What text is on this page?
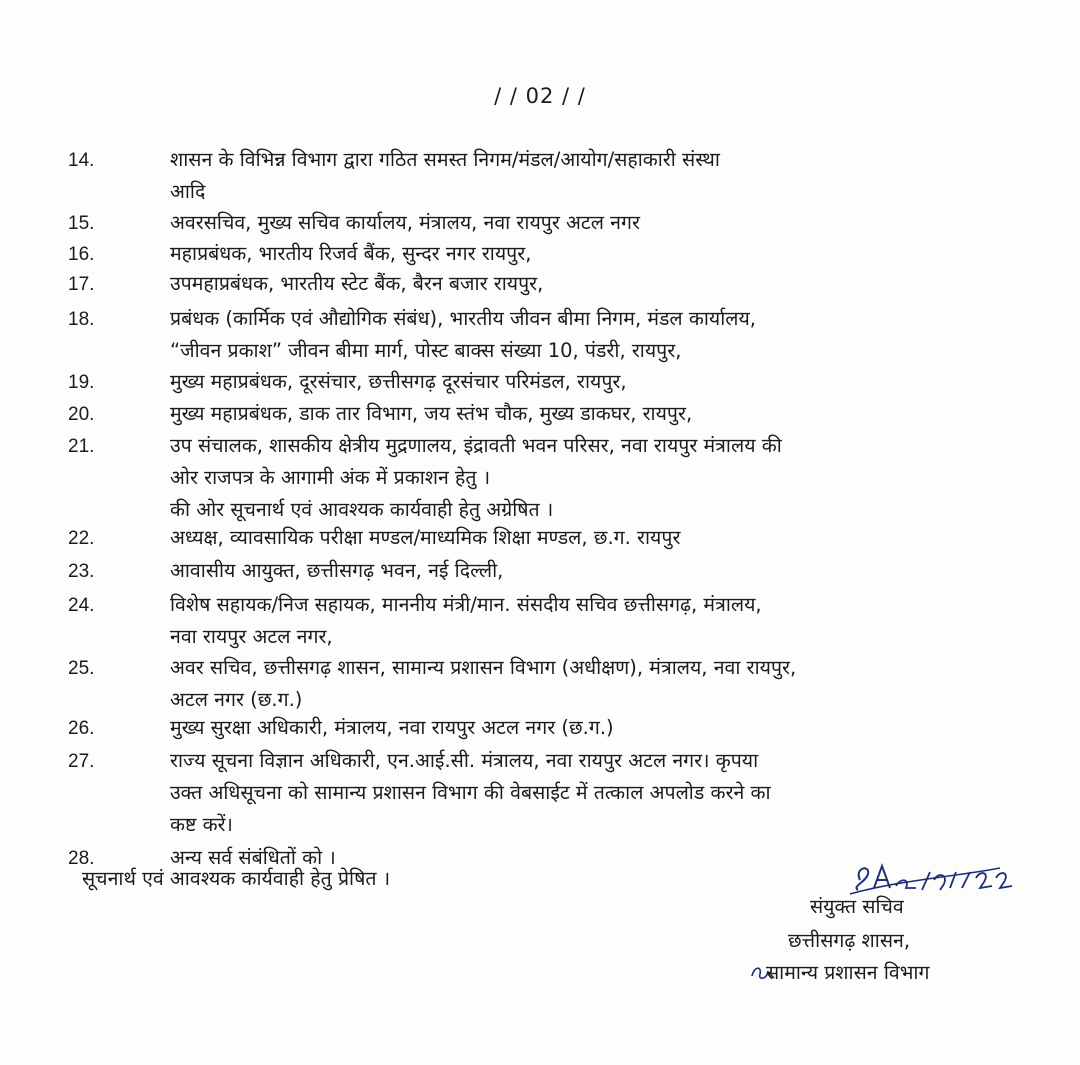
/ / 02 / /
14.	शासन के विभिन्न विभाग द्वारा गठित समस्त निगम/मंडल/आयोग/सहाकारी संस्था
आदि
15.	अवरसचिव, मुख्य सचिव कार्यालय, मंत्रालय, नवा रायपुर अटल नगर
16.	महाप्रबंधक, भारतीय रिजर्व बैंक, सुन्दर नगर रायपुर,
17.	उपमहाप्रबंधक, भारतीय स्टेट बैंक, बैरन बजार रायपुर,
18.	प्रबंधक (कार्मिक एवं औद्योगिक संबंध), भारतीय जीवन बीमा निगम, मंडल कार्यालय,
“जीवन प्रकाश” जीवन बीमा मार्ग, पोस्ट बाक्स संख्या 10, पंडरी, रायपुर,
19.	मुख्य महाप्रबंधक, दूरसंचार, छत्तीसगढ़ दूरसंचार परिमंडल, रायपुर,
20.	मुख्य महाप्रबंधक, डाक तार विभाग, जय स्तंभ चौक, मुख्य डाकघर, रायपुर,
21.	उप संचालक, शासकीय क्षेत्रीय मुद्रणालय, इंद्रावती भवन परिसर, नवा रायपुर मंत्रालय की
ओर राजपत्र के आगामी अंक में प्रकाशन हेतु ।
की ओर सूचनार्थ एवं आवश्यक कार्यवाही हेतु अग्रेषित ।
22.	अध्यक्ष, व्यावसायिक परीक्षा मण्डल/माध्यमिक शिक्षा मण्डल, छ.ग. रायपुर
23.	आवासीय आयुक्त, छत्तीसगढ़ भवन, नई दिल्ली,
24.	विशेष सहायक/निज सहायक, माननीय मंत्री/मान. संसदीय सचिव छत्तीसगढ़, मंत्रालय,
नवा रायपुर अटल नगर,
25.	अवर सचिव, छत्तीसगढ़ शासन, सामान्य प्रशासन विभाग (अधीक्षण), मंत्रालय, नवा रायपुर,
अटल नगर (छ.ग.)
26.	मुख्य सुरक्षा अधिकारी, मंत्रालय, नवा रायपुर अटल नगर (छ.ग.)
27.	राज्य सूचना विज्ञान अधिकारी, एन.आई.सी. मंत्रालय, नवा रायपुर अटल नगर। कृपया
उक्त अधिसूचना को सामान्य प्रशासन विभाग की वेबसाईट में तत्काल अपलोड करने का
कष्ट करें।
28.	अन्य सर्व संबंधितों को ।
सूचनार्थ एवं आवश्यक कार्यवाही हेतु प्रेषित ।
संयुक्त सचिव
छत्तीसगढ़ शासन,
सामान्य प्रशासन विभाग
